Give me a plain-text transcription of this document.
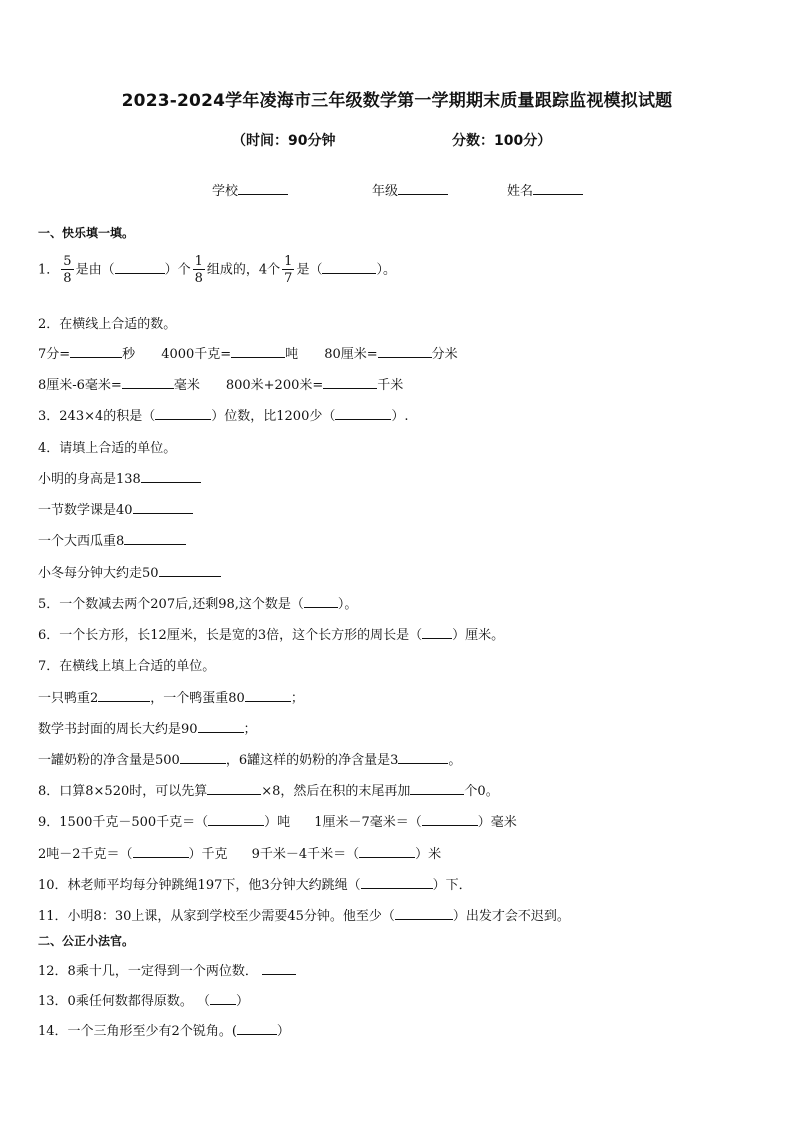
2023-2024学年凌海市三年级数学第一学期期末质量跟踪监视模拟试题
（时间：90分钟	分数：100分）
学校	年级	姓名
一、快乐填一填。
1． $\frac{5}{8}$ 是由（	）个 $\frac{1}{8}$ 组成的，4个 $\frac{1}{7}$ 是（	）。
2．在横线上合适的数。
7分=	秒 4000千克=	吨 80厘米=	分米
8厘米-6毫米=	毫米 800米+200米=	千米
3．243×4的积是（	）位数，比1200少（	）.
4．请填上合适的单位。
小明的身高是138
一节数学课是40
一个大西瓜重8
小冬每分钟大约走50
5．一个数减去两个207后,还剩98,这个数是（	）。
6．一个长方形，长12厘米，长是宽的3倍，这个长方形的周长是（ ）厘米。
7．在横线上填上合适的单位。
一只鸭重2	，一个鸭蛋重80	；
数学书封面的周长大约是90	；
一罐奶粉的净含量是500	，6罐这样的奶粉的净含量是3	。
8．口算8×520时，可以先算	×8，然后在积的末尾再加	个0。
9．1500千克－500千克＝（	）吨 1厘米－7毫米＝（	）毫米
2吨－2千克＝（	）千克 9千米－4千米＝（	）米
10．林老师平均每分钟跳绳197下，他3分钟大约跳绳（	）下．
11．小明8：30上课，从家到学校至少需要45分钟。他至少（	）出发才会不迟到。
二、公正小法官。
12．8乘十几，一定得到一个两位数．
13．0乘任何数都得原数。 （ ）
14．一个三角形至少有2个锐角。(	）
